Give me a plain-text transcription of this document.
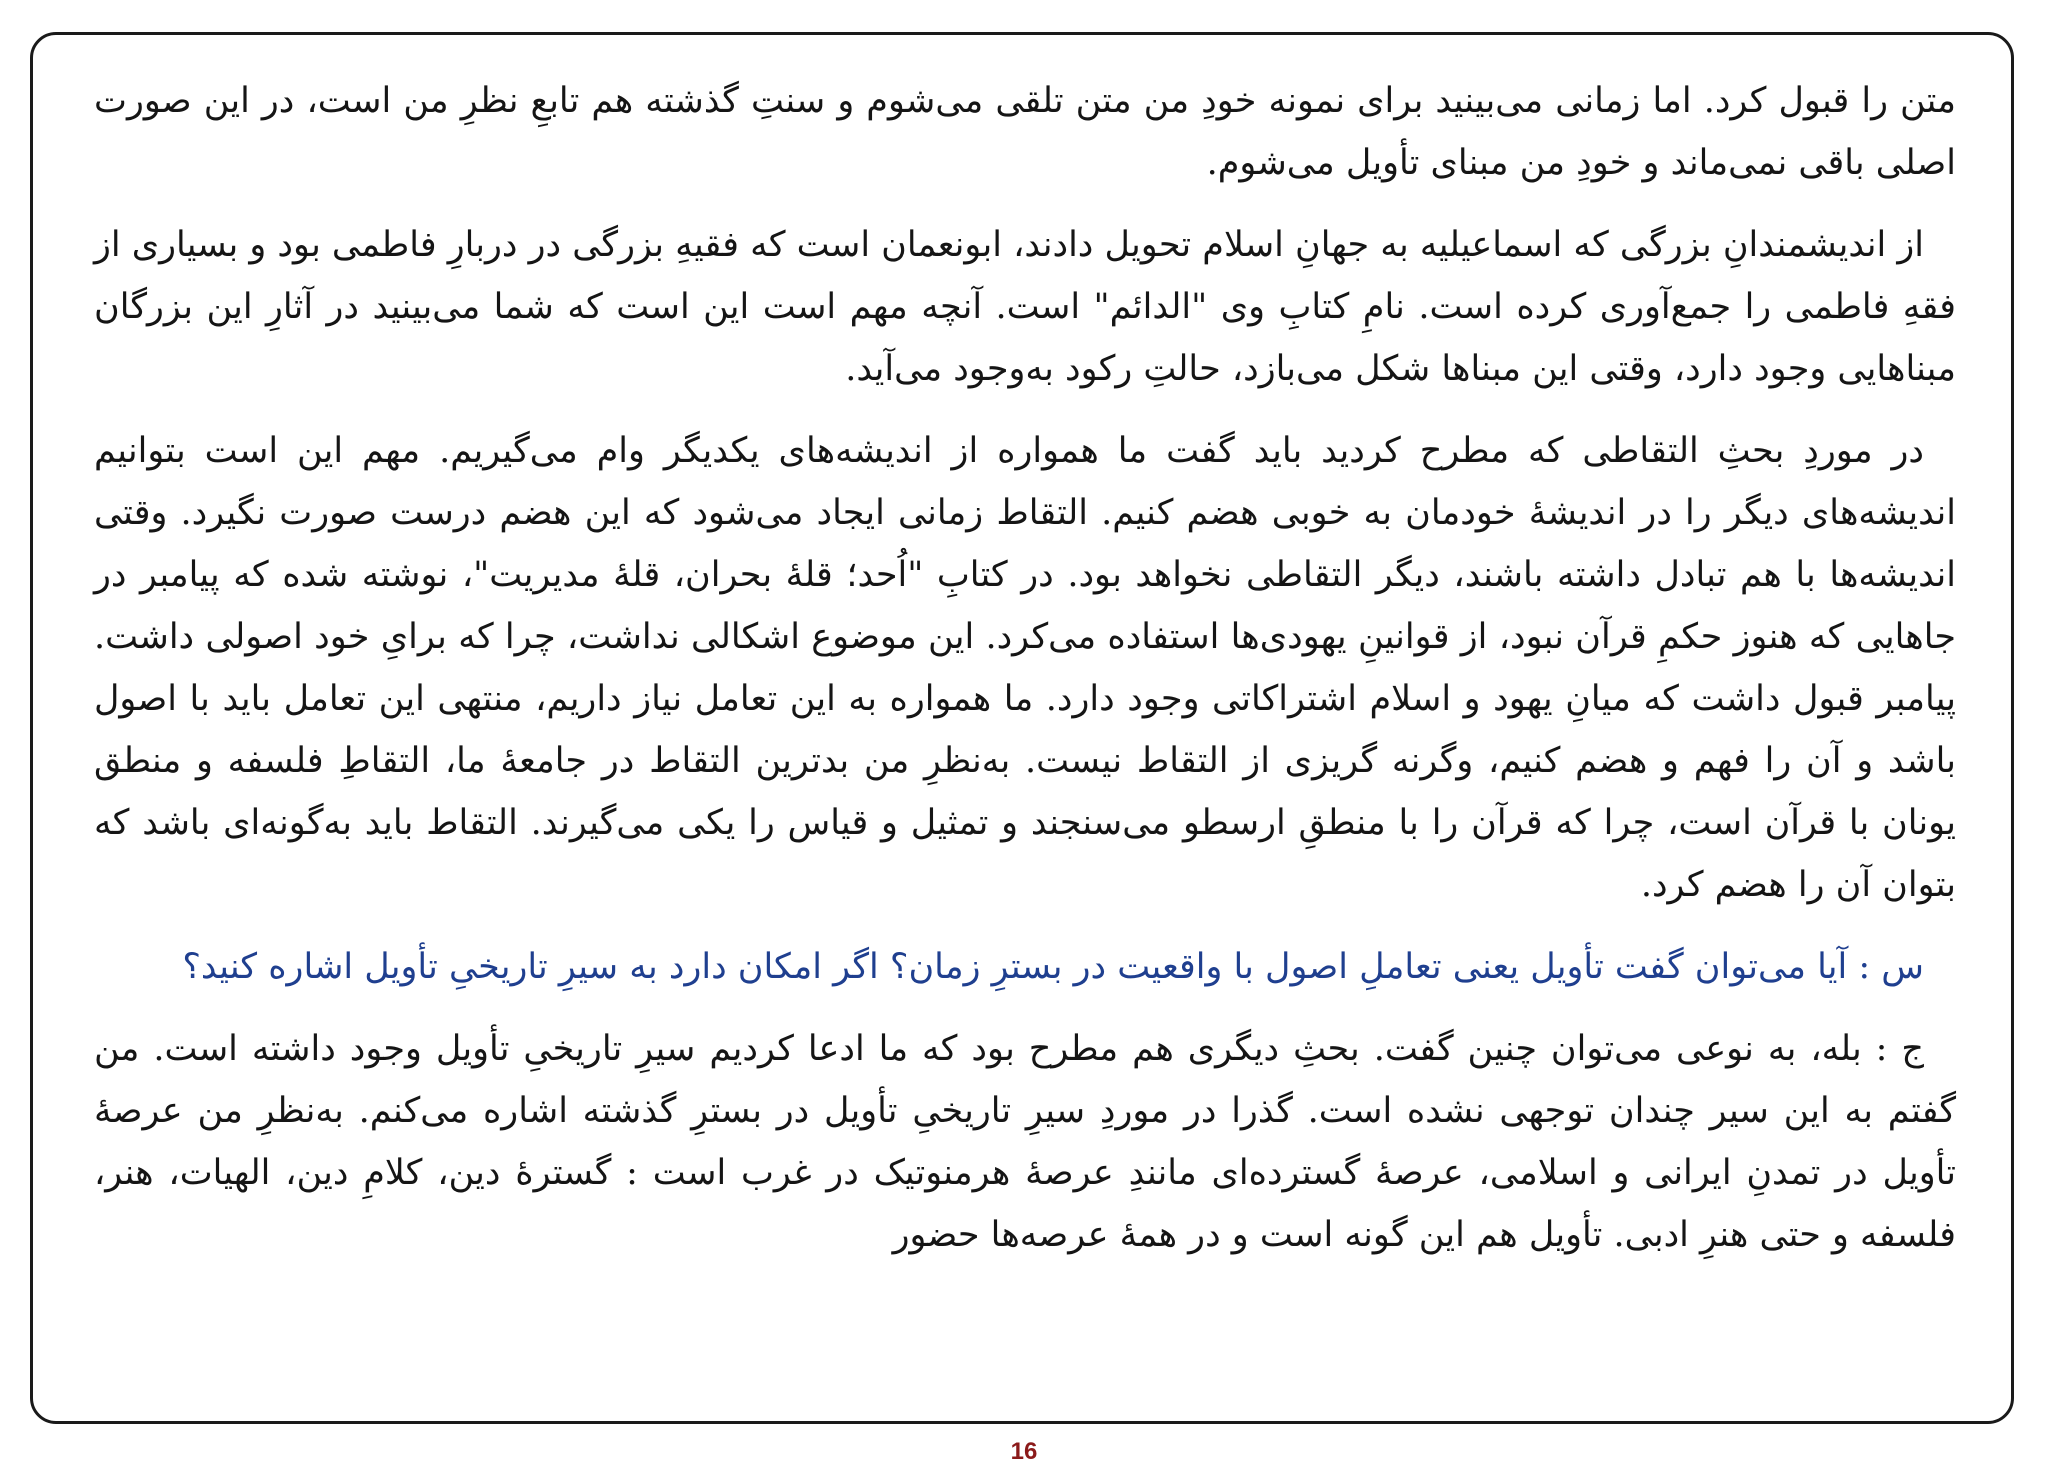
متن را قبول کرد. اما زمانی می‌بینید برای نمونه خودِ من متن تلقی می‌شوم و سنتِ گذشته هم تابعِ نظرِ من است، در این صورت اصلی باقی نمی‌ماند و خودِ من مبنای تأویل می‌شوم.

از اندیشمندانِ بزرگی که اسماعیلیه به جهانِ اسلام تحویل دادند، ابونعمان است که فقیهِ بزرگی در دربارِ فاطمی بود و بسیاری از فقهِ فاطمی را جمع‌آوری کرده است. نامِ کتابِ وی "الدائم" است. آنچه مهم است این است که شما می‌بینید در آثارِ این بزرگان مبناهایی وجود دارد، وقتی این مبناها شکل می‌بازد، حالتِ رکود به‌وجود می‌آید.

در موردِ بحثِ التقاطی که مطرح کردید باید گفت ما همواره از اندیشه‌های یکدیگر وام می‌گیریم. مهم این است بتوانیم اندیشه‌های دیگر را در اندیشهٔ خودمان به خوبی هضم کنیم. التقاط زمانی ایجاد می‌شود که این هضم درست صورت نگیرد. وقتی اندیشه‌ها با هم تبادل داشته باشند، دیگر التقاطی نخواهد بود. در کتابِ "اُحد؛ قلهٔ بحران، قلهٔ مدیریت"، نوشته شده که پیامبر در جاهایی که هنوز حکمِ قرآن نبود، از قوانینِ یهودی‌ها استفاده می‌کرد. این موضوع اشکالی نداشت، چرا که برایِ خود اصولی داشت. پیامبر قبول داشت که میانِ یهود و اسلام اشتراکاتی وجود دارد. ما همواره به این تعامل نیاز داریم، منتهی این تعامل باید با اصول باشد و آن را فهم و هضم کنیم، وگرنه گریزی از التقاط نیست. به‌نظرِ من بدترین التقاط در جامعهٔ ما، التقاطِ فلسفه و منطق یونان با قرآن است، چرا که قرآن را با منطقِ ارسطو می‌سنجند و تمثیل و قیاس را یکی می‌گیرند. التقاط باید به‌گونه‌ای باشد که بتوان آن را هضم کرد.

س : آیا می‌توان گفت تأویل یعنی تعاملِ اصول با واقعیت در بسترِ زمان؟ اگر امکان دارد به سیرِ تاریخیِ تأویل اشاره کنید؟

ج : بله، به نوعی می‌توان چنین گفت. بحثِ دیگری هم مطرح بود که ما ادعا کردیم سیرِ تاریخیِ تأویل وجود داشته است. من گفتم به این سیر چندان توجهی نشده است. گذرا در موردِ سیرِ تاریخیِ تأویل در بسترِ گذشته اشاره می‌کنم. به‌نظرِ من عرصهٔ تأویل در تمدنِ ایرانی و اسلامی، عرصهٔ گسترده‌ای مانندِ عرصهٔ هرمنوتیک در غرب است : گسترهٔ دین، کلامِ دین، الهیات، هنر، فلسفه و حتی هنرِ ادبی. تأویل هم این گونه است و در همهٔ عرصه‌ها حضور

16
